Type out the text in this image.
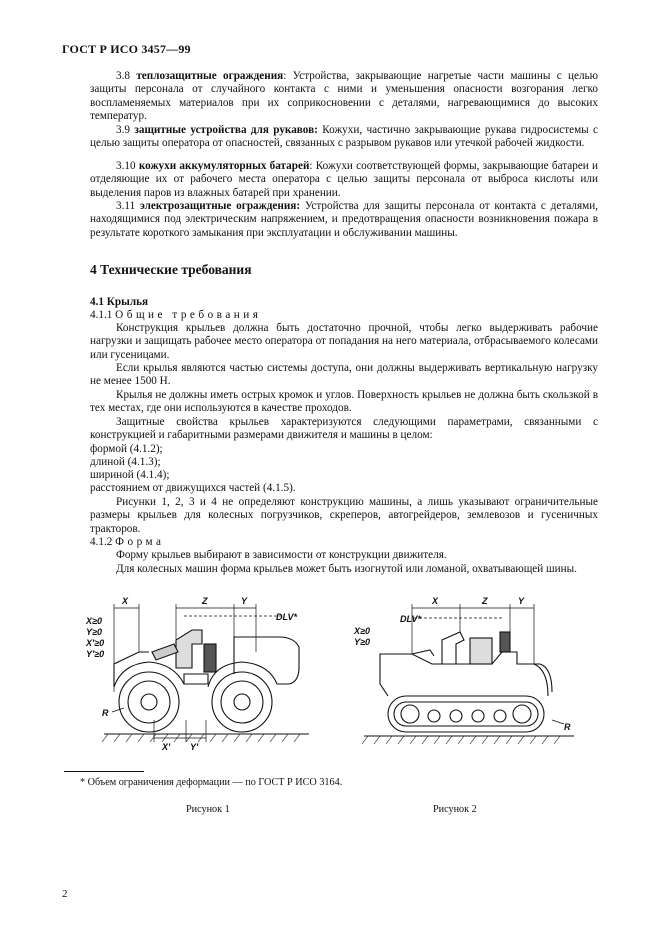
ГОСТ Р ИСО 3457—99
3.8 теплозащитные ограждения: Устройства, закрывающие нагретые части машины с целью защиты персонала от случайного контакта с ними и уменьшения опасности возгорания легко воспламеняемых материалов при их соприкосновении с деталями, нагревающимися до высоких температур.
3.9 защитные устройства для рукавов: Кожухи, частично закрывающие рукава гидросистемы с целью защиты оператора от опасностей, связанных с разрывом рукавов или утечкой рабочей жидкости.
3.10 кожухи аккумуляторных батарей: Кожухи соответствующей формы, закрывающие батареи и отделяющие их от рабочего места оператора с целью защиты персонала от выброса кислоты или выделения паров из влажных батарей при хранении.
3.11 электрозащитные ограждения: Устройства для защиты персонала от контакта с деталями, находящимися под электрическим напряжением, и предотвращения опасности возникновения пожара в результате короткого замыкания при эксплуатации и обслуживании машины.
4 Технические требования
4.1 Крылья
4.1.1 Общие требования
Конструкция крыльев должна быть достаточно прочной, чтобы легко выдерживать рабочие нагрузки и защищать рабочее место оператора от попадания на него материала, отбрасываемого колесами или гусеницами.
Если крылья являются частью системы доступа, они должны выдерживать вертикальную нагрузку не менее 1500 Н.
Крылья не должны иметь острых кромок и углов. Поверхность крыльев не должна быть скользкой в тех местах, где они используются в качестве проходов.
Защитные свойства крыльев характеризуются следующими параметрами, связанными с конструкцией и габаритными размерами движителя и машины в целом:
формой (4.1.2);
длиной (4.1.3);
шириной (4.1.4);
расстоянием от движущихся частей (4.1.5).
Рисунки 1, 2, 3 и 4 не определяют конструкцию машины, а лишь указывают ограничительные размеры крыльев для колесных погрузчиков, скреперов, автогрейдеров, землевозов и гусеничных тракторов.
4.1.2 Форма
Форму крыльев выбирают в зависимости от конструкции движителя.
Для колесных машин форма крыльев может быть изогнутой или ломаной, охватывающей шины.
X	Z	Y
DLV*
X≥0
Y≥0
X'≥0
Y'≥0
R
X' Y'
X	Z	Y
DLV*
X≥0
Y≥0
R
* Объем ограничения деформации — по ГОСТ Р ИСО 3164.
Рисунок 1	Рисунок 2
2
